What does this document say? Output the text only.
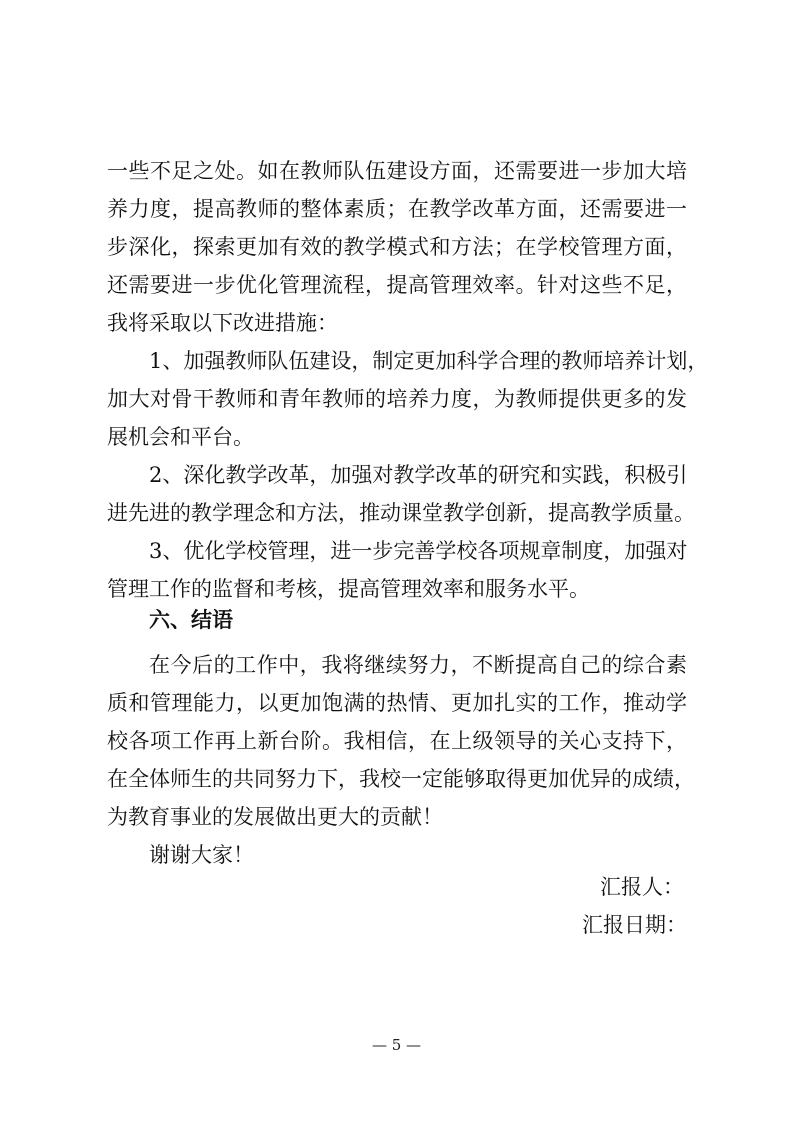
一些不足之处。如在教师队伍建设方面，还需要进一步加大培
养力度，提高教师的整体素质；在教学改革方面，还需要进一
步深化，探索更加有效的教学模式和方法；在学校管理方面，
还需要进一步优化管理流程，提高管理效率。针对这些不足，
我将采取以下改进措施：
1、加强教师队伍建设，制定更加科学合理的教师培养计划，
加大对骨干教师和青年教师的培养力度，为教师提供更多的发
展机会和平台。
2、深化教学改革，加强对教学改革的研究和实践，积极引
进先进的教学理念和方法，推动课堂教学创新，提高教学质量。
3、优化学校管理，进一步完善学校各项规章制度，加强对
管理工作的监督和考核，提高管理效率和服务水平。
六、结语
在今后的工作中，我将继续努力，不断提高自己的综合素
质和管理能力，以更加饱满的热情、更加扎实的工作，推动学
校各项工作再上新台阶。我相信，在上级领导的关心支持下，
在全体师生的共同努力下，我校一定能够取得更加优异的成绩，
为教育事业的发展做出更大的贡献！
谢谢大家！
汇报人：
汇报日期：
— 5 —
